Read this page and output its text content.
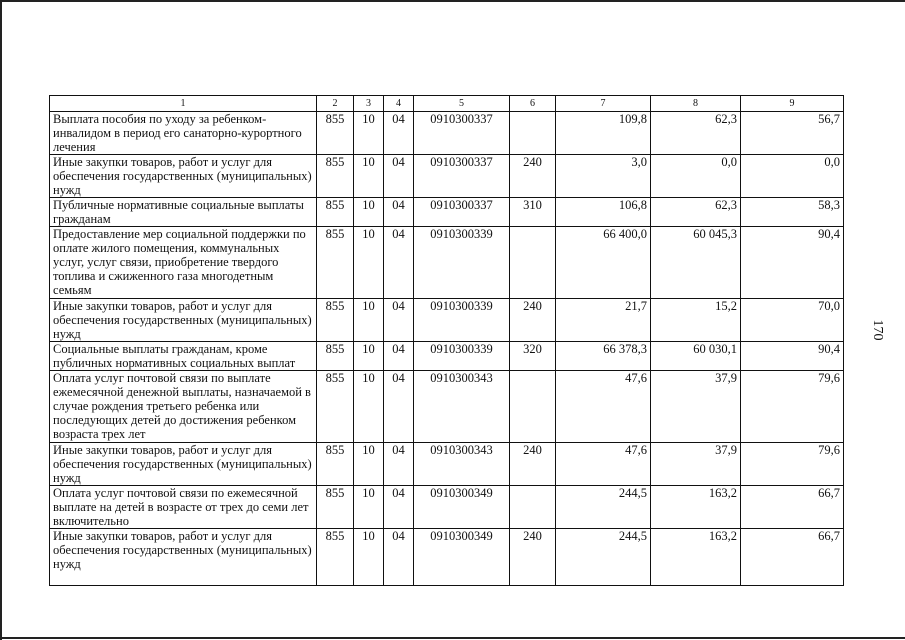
170
1	2	3	4	5	6	7	8	9
Выплата пособия по уходу за ребенком-инвалидом в период его санаторно-курортного лечения	855	10	04	0910300337		109,8	62,3	56,7
Иные закупки товаров, работ и услуг для обеспечения государственных (муниципальных) нужд	855	10	04	0910300337	240	3,0	0,0	0,0
Публичные нормативные социальные выплаты гражданам	855	10	04	0910300337	310	106,8	62,3	58,3
Предоставление мер социальной поддержки по оплате жилого помещения, коммунальных услуг, услуг связи, приобретение твердого топлива и сжиженного газа многодетным семьям	855	10	04	0910300339		66 400,0	60 045,3	90,4
Иные закупки товаров, работ и услуг для обеспечения государственных (муниципальных) нужд	855	10	04	0910300339	240	21,7	15,2	70,0
Социальные выплаты гражданам, кроме публичных нормативных социальных выплат	855	10	04	0910300339	320	66 378,3	60 030,1	90,4
Оплата услуг почтовой связи по выплате ежемесячной денежной выплаты, назначаемой в случае рождения третьего ребенка или последующих детей до достижения ребенком возраста трех лет	855	10	04	0910300343		47,6	37,9	79,6
Иные закупки товаров, работ и услуг для обеспечения государственных (муниципальных) нужд	855	10	04	0910300343	240	47,6	37,9	79,6
Оплата услуг почтовой связи по ежемесячной выплате на детей в возрасте от трех до семи лет включительно	855	10	04	0910300349		244,5	163,2	66,7
Иные закупки товаров, работ и услуг для обеспечения государственных (муниципальных) нужд	855	10	04	0910300349	240	244,5	163,2	66,7
